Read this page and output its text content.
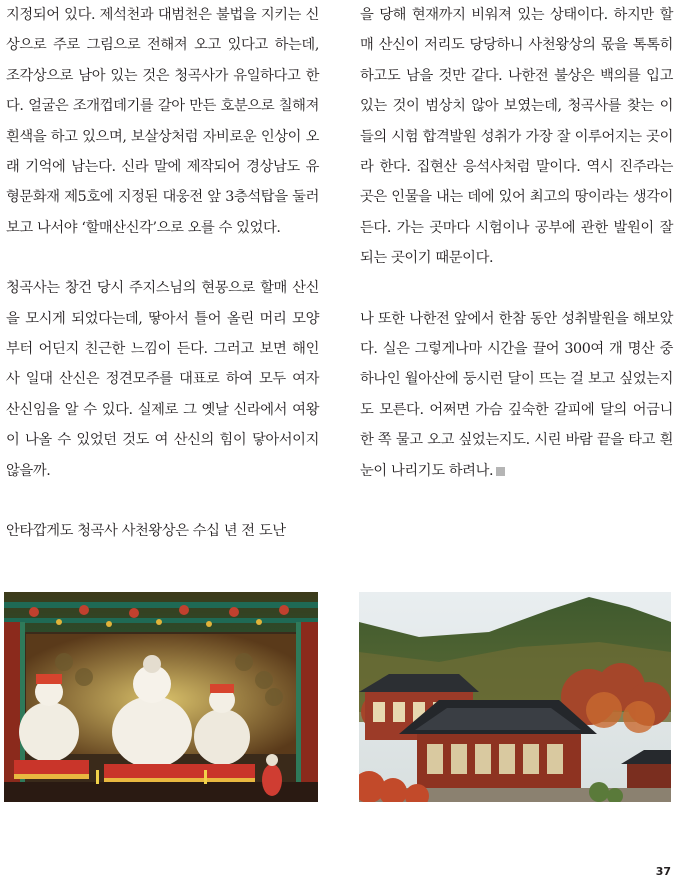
지정되어 있다. 제석천과 대범천은 불법을 지키는 신상으로 주로 그림으로 전해져 오고 있다고 하는데, 조각상으로 남아 있는 것은 청곡사가 유일하다고 한다. 얼굴은 조개껍데기를 갈아 만든 호분으로 칠해져 흰색을 하고 있으며, 보살상처럼 자비로운 인상이 오래 기억에 남는다. 신라 말에 제작되어 경상남도 유형문화재 제5호에 지정된 대웅전 앞 3층석탑을 둘러보고 나서야 ‘할매산신각’으로 오를 수 있었다.

청곡사는 창건 당시 주지스님의 현몽으로 할매 산신을 모시게 되었다는데, 땋아서 틀어 올린 머리 모양부터 어딘지 친근한 느낌이 든다. 그러고 보면 해인사 일대 산신은 정견모주를 대표로 하여 모두 여자 산신임을 알 수 있다. 실제로 그 옛날 신라에서 여왕이 나올 수 있었던 것도 여 산신의 힘이 닿아서이지 않을까.

안타깝게도 청곡사 사천왕상은 수십 년 전 도난

을 당해 현재까지 비워져 있는 상태이다. 하지만 할매 산신이 저리도 당당하니 사천왕상의 몫을 톡톡히 하고도 남을 것만 같다. 나한전 불상은 백의를 입고 있는 것이 범상치 않아 보였는데, 청곡사를 찾는 이들의 시험 합격발원 성취가 가장 잘 이루어지는 곳이라 한다. 집현산 응석사처럼 말이다. 역시 진주라는 곳은 인물을 내는 데에 있어 최고의 땅이라는 생각이 든다. 가는 곳마다 시험이나 공부에 관한 발원이 잘되는 곳이기 때문이다.

나 또한 나한전 앞에서 한참 동안 성취발원을 해보았다. 실은 그렇게나마 시간을 끌어 300여 개 명산 중 하나인 월아산에 둥시런 달이 뜨는 걸 보고 싶었는지도 모른다. 어쩌면 가슴 깊숙한 갈피에 달의 어금니 한 쪽 물고 오고 싶었는지도. 시린 바람 끝을 타고 흰 눈이 나리기도 하려나.

37
